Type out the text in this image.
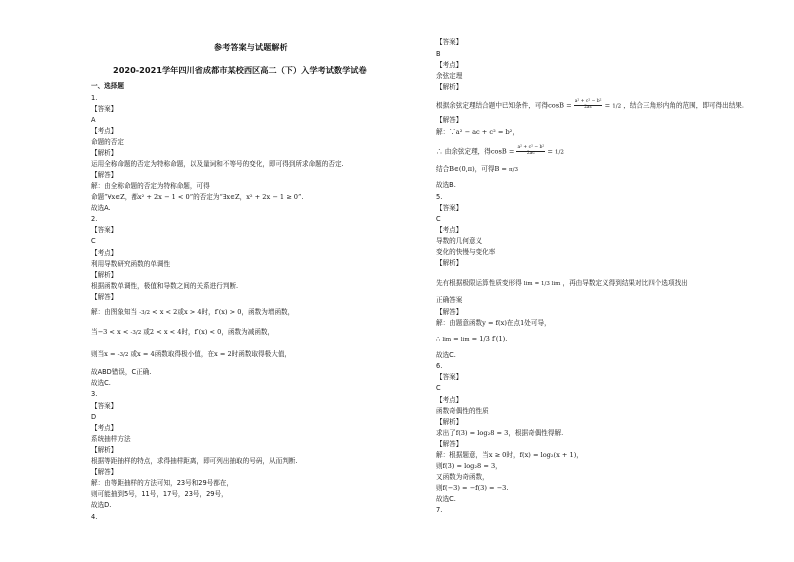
参考答案与试题解析
2020-2021学年四川省成都市某校西区高二（下）入学考试数学试卷
一、选择题
1.
【答案】
A
【考点】
命题的否定
【解析】
运用全称命题的否定为特称命题，以及量词和不等号的变化，即可得到所求命题的否定.
【解答】
解：由全称命题的否定为特称命题，可得
命题“∀x∈Z，都x² + 2x − 1 < 0”的否定为“∃x∈Z，x² + 2x − 1 ≥ 0”.
故选A.
2.
【答案】
C
【考点】
利用导数研究函数的单调性
【解析】
根据函数单调性，极值和导数之间的关系进行判断.
【解答】
解：由图象知当 -3/2 < x < 2或x > 4时，f′(x) > 0，函数为增函数，
当−3 < x < -3/2 或2 < x < 4时，f′(x) < 0，函数为减函数，
则当x = -3/2 或x = 4函数取得极小值，在x = 2时函数取得极大值，
故ABD错误，C正确.
故选C.
3.
【答案】
D
【考点】
系统抽样方法
【解析】
根据等距抽样的特点，求得抽样距离，即可列出抽取的号码，从而判断.
【解答】
解：由等距抽样的方法可知，23号和29号都在，
则可能抽到5号，11号，17号，23号，29号，
故选D.
4.
【答案】
B
【考点】
余弦定理
【解析】
根据余弦定理结合题中已知条件，可得$\cos B = \frac{\text{a² + c² − b²}}{2ac} = 1/2$ ，结合三角形内角的范围，即可得出结果.
【解答】
解：∵a² − ac + c² = b²，
∴ 由余弦定理，得$\cos B = \frac{\text{a² + c² − b²}}{2ac} = 1/2$
结合B∈(0,π)，可得B = π/3
故选B.
5.
【答案】
C
【考点】
导数的几何意义
变化的快慢与变化率
【解析】
先有根据极限运算性质变形得 lim = 1/3 lim ，再由导数定义得到结果对比四个选项找出
正确答案
【解答】
解：由题意函数y = f(x)在点1处可导，
∴ lim = lim = 1/3 f′(1).
故选C.
6.
【答案】
C
【考点】
函数奇偶性的性质
【解析】
求出了f(3) = log₂8 = 3，根据奇偶性得解.
【解答】
解：根据题意，当x ≥ 0时，f(x) = log₂(x + 1)，
则f(3) = log₂8 = 3，
又函数为奇函数，
则f(−3) = −f(3) = −3.
故选C.
7.
